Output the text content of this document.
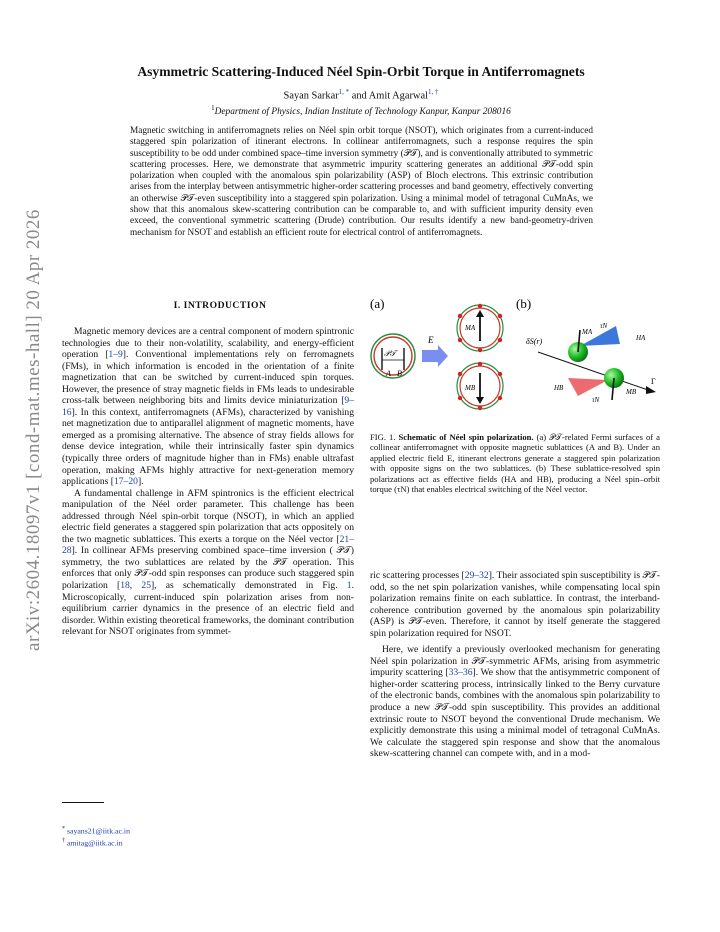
arXiv:2604.18097v1 [cond-mat.mes-hall] 20 Apr 2026
Asymmetric Scattering-Induced Néel Spin-Orbit Torque in Antiferromagnets
Sayan Sarkar$^{1, *}$ and Amit Agarwal$^{1, \dagger}$
$^1$Department of Physics, Indian Institute of Technology Kanpur, Kanpur 208016

Magnetic switching in antiferromagnets relies on Néel spin orbit torque (NSOT), which originates from a current-induced staggered spin polarization of itinerant electrons. In collinear antiferromagnets, such a response requires the spin susceptibility to be odd under combined space–time inversion symmetry (𝒫𝒯), and is conventionally attributed to symmetric scattering processes. Here, we demonstrate that asymmetric impurity scattering generates an additional 𝒫𝒯-odd spin polarization when coupled with the anomalous spin polarizability (ASP) of Bloch electrons. This extrinsic contribution arises from the interplay between antisymmetric higher-order scattering processes and band geometry, effectively converting an otherwise 𝒫𝒯-even susceptibility into a staggered spin polarization. Using a minimal model of tetragonal CuMnAs, we show that this anomalous skew-scattering contribution can be comparable to, and with sufficient impurity density even exceed, the conventional symmetric scattering (Drude) contribution. Our results identify a new band-geometry-driven mechanism for NSOT and establish an efficient route for electrical control of antiferromagnets.

I. INTRODUCTION

Magnetic memory devices are a central component of modern spintronic technologies due to their non-volatility, scalability, and energy-efficient operation [1–9]. Conventional implementations rely on ferromagnets (FMs), in which information is encoded in the orientation of a finite magnetization that can be switched by current-induced spin torques. However, the presence of stray magnetic fields in FMs leads to undesirable cross-talk between neighboring bits and limits device miniaturization [9–16]. In this context, antiferromagnets (AFMs), characterized by vanishing net magnetization due to antiparallel alignment of magnetic moments, have emerged as a promising alternative. The absence of stray fields allows for dense device integration, while their intrinsically faster spin dynamics (typically three orders of magnitude higher than in FMs) enable ultrafast operation, making AFMs highly attractive for next-generation memory applications [17–20].

A fundamental challenge in AFM spintronics is the efficient electrical manipulation of the Néel order parameter. This challenge has been addressed through Néel spin-orbit torque (NSOT), in which an applied electric field generates a staggered spin polarization that acts oppositely on the two magnetic sublattices. This exerts a torque on the Néel vector [21–28]. In collinear AFMs preserving combined space–time inversion ( 𝒫𝒯) symmetry, the two sublattices are related by the 𝒫𝒯 operation. This enforces that only 𝒫𝒯-odd spin responses can produce such staggered spin polarization [18, 25], as schematically demonstrated in Fig. 1. Microscopically, current-induced spin polarization arises from non-equilibrium carrier dynamics in the presence of an electric field and disorder. Within existing theoretical frameworks, the dominant contribution relevant for NSOT originates from symmet-

(a)	(b)
𝒫𝒯
A B
E
MA
MB
δS(r)
MA
τN
HA
HB
τN
MB
Γ

FIG. 1. Schematic of Néel spin polarization. (a) 𝒫𝒯-related Fermi surfaces of a collinear antiferromagnet with opposite magnetic sublattices (A and B). Under an applied electric field E, itinerant electrons generate a staggered spin polarization with opposite signs on the two sublattices. (b) These sublattice-resolved spin polarizations act as effective fields (HA and HB), producing a Néel spin–orbit torque (τN) that enables electrical switching of the Néel vector.

ric scattering processes [29–32]. Their associated spin susceptibility is 𝒫𝒯-odd, so the net spin polarization vanishes, while compensating local spin polarization remains finite on each sublattice. In contrast, the interband-coherence contribution governed by the anomalous spin polarizability (ASP) is 𝒫𝒯-even. Therefore, it cannot by itself generate the staggered spin polarization required for NSOT.

Here, we identify a previously overlooked mechanism for generating Néel spin polarization in 𝒫𝒯-symmetric AFMs, arising from asymmetric impurity scattering [33–36]. We show that the antisymmetric component of higher-order scattering process, intrinsically linked to the Berry curvature of the electronic bands, combines with the anomalous spin polarizability to produce a new 𝒫𝒯-odd spin susceptibility. This provides an additional extrinsic route to NSOT beyond the conventional Drude mechanism. We explicitly demonstrate this using a minimal model of tetragonal CuMnAs. We calculate the staggered spin response and show that the anomalous skew-scattering channel can compete with, and in a mod-

* sayans21@iitk.ac.in
† amitag@iitk.ac.in
